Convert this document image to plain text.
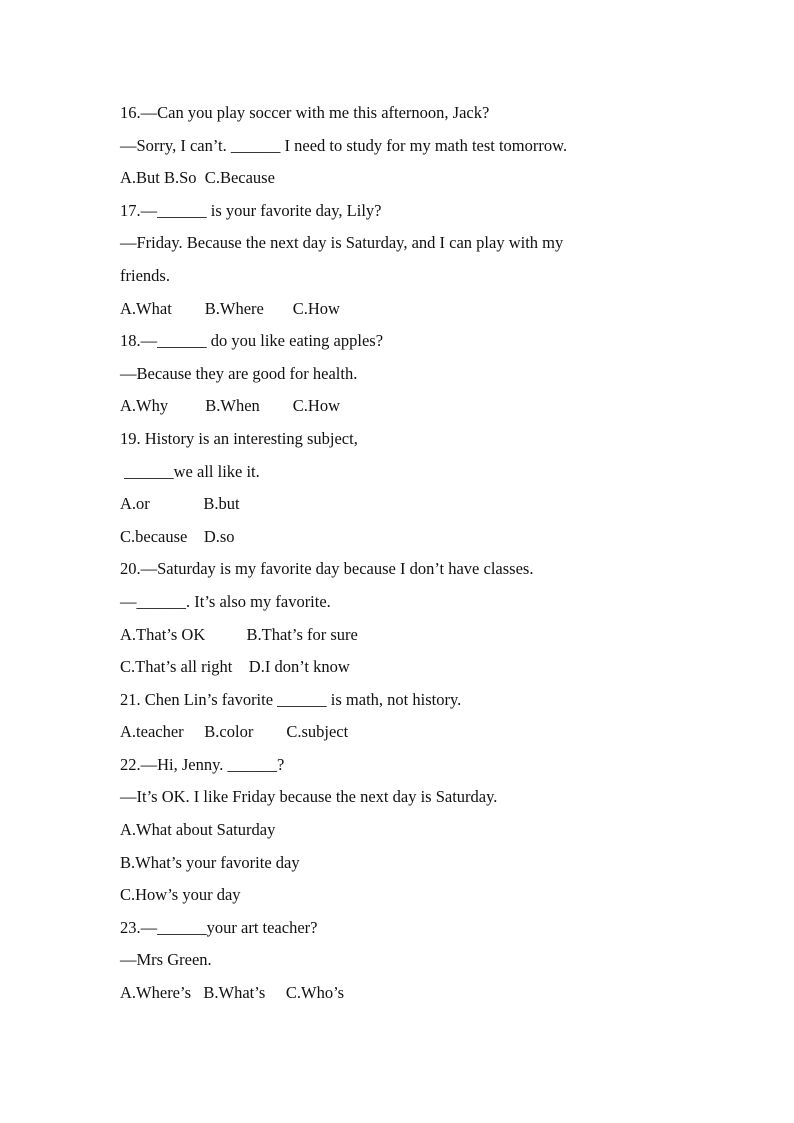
16.—Can you play soccer with me this afternoon, Jack?
—Sorry, I can’t. ______ I need to study for my math test tomorrow.
A.But B.So  C.Because
17.—______ is your favorite day, Lily?
—Friday. Because the next day is Saturday, and I can play with my
friends.
A.What        B.Where       C.How
18.—______ do you like eating apples?
—Because they are good for health.
A.Why         B.When        C.How
19. History is an interesting subject,
______we all like it.
A.or             B.but
C.because    D.so
20.—Saturday is my favorite day because I don’t have classes.
—______. It’s also my favorite.
A.That’s OK          B.That’s for sure
C.That’s all right    D.I don’t know
21. Chen Lin’s favorite ______ is math, not history.
A.teacher     B.color        C.subject
22.—Hi, Jenny. ______?
—It’s OK. I like Friday because the next day is Saturday.
A.What about Saturday
B.What’s your favorite day
C.How’s your day
23.—______your art teacher?
—Mrs Green.
A.Where’s   B.What’s     C.Who’s
